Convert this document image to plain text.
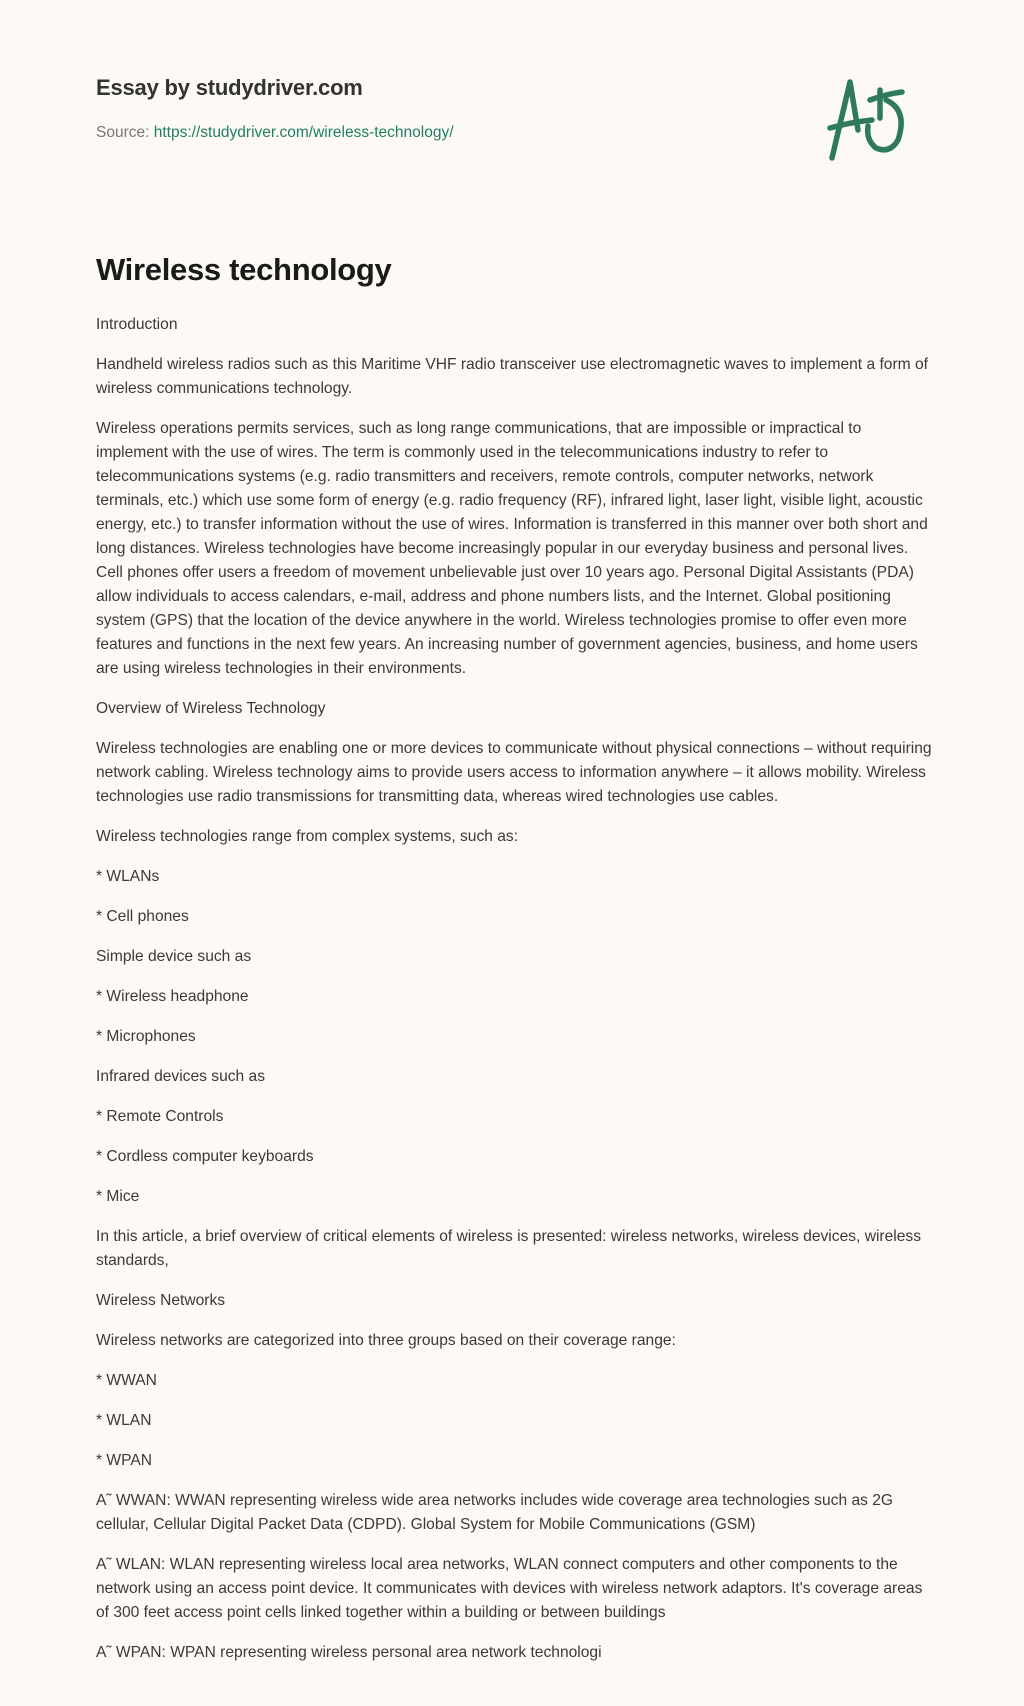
Essay by studydriver.com
Source: https://studydriver.com/wireless-technology/
Wireless technology

Introduction

Handheld wireless radios such as this Maritime VHF radio transceiver use electromagnetic waves to implement a form of wireless communications technology.

Wireless operations permits services, such as long range communications, that are impossible or impractical to implement with the use of wires. The term is commonly used in the telecommunications industry to refer to telecommunications systems (e.g. radio transmitters and receivers, remote controls, computer networks, network terminals, etc.) which use some form of energy (e.g. radio frequency (RF), infrared light, laser light, visible light, acoustic energy, etc.) to transfer information without the use of wires. Information is transferred in this manner over both short and long distances. Wireless technologies have become increasingly popular in our everyday business and personal lives. Cell phones offer users a freedom of movement unbelievable just over 10 years ago. Personal Digital Assistants (PDA) allow individuals to access calendars, e-mail, address and phone numbers lists, and the Internet. Global positioning system (GPS) that the location of the device anywhere in the world. Wireless technologies promise to offer even more features and functions in the next few years. An increasing number of government agencies, business, and home users are using wireless technologies in their environments.

Overview of Wireless Technology

Wireless technologies are enabling one or more devices to communicate without physical connections – without requiring network cabling. Wireless technology aims to provide users access to information anywhere – it allows mobility. Wireless technologies use radio transmissions for transmitting data, whereas wired technologies use cables.

Wireless technologies range from complex systems, such as:

* WLANs

* Cell phones

Simple device such as

* Wireless headphone

* Microphones

Infrared devices such as

* Remote Controls

* Cordless computer keyboards

* Mice

In this article, a brief overview of critical elements of wireless is presented: wireless networks, wireless devices, wireless standards,

Wireless Networks

Wireless networks are categorized into three groups based on their coverage range:

* WWAN

* WLAN

* WPAN

A˜ WWAN: WWAN representing wireless wide area networks includes wide coverage area technologies such as 2G cellular, Cellular Digital Packet Data (CDPD). Global System for Mobile Communications (GSM)

A˜ WLAN: WLAN representing wireless local area networks, WLAN connect computers and other components to the network using an access point device. It communicates with devices with wireless network adaptors. It's coverage areas of 300 feet access point cells linked together within a building or between buildings

A˜ WPAN: WPAN representing wireless personal area network technologi
